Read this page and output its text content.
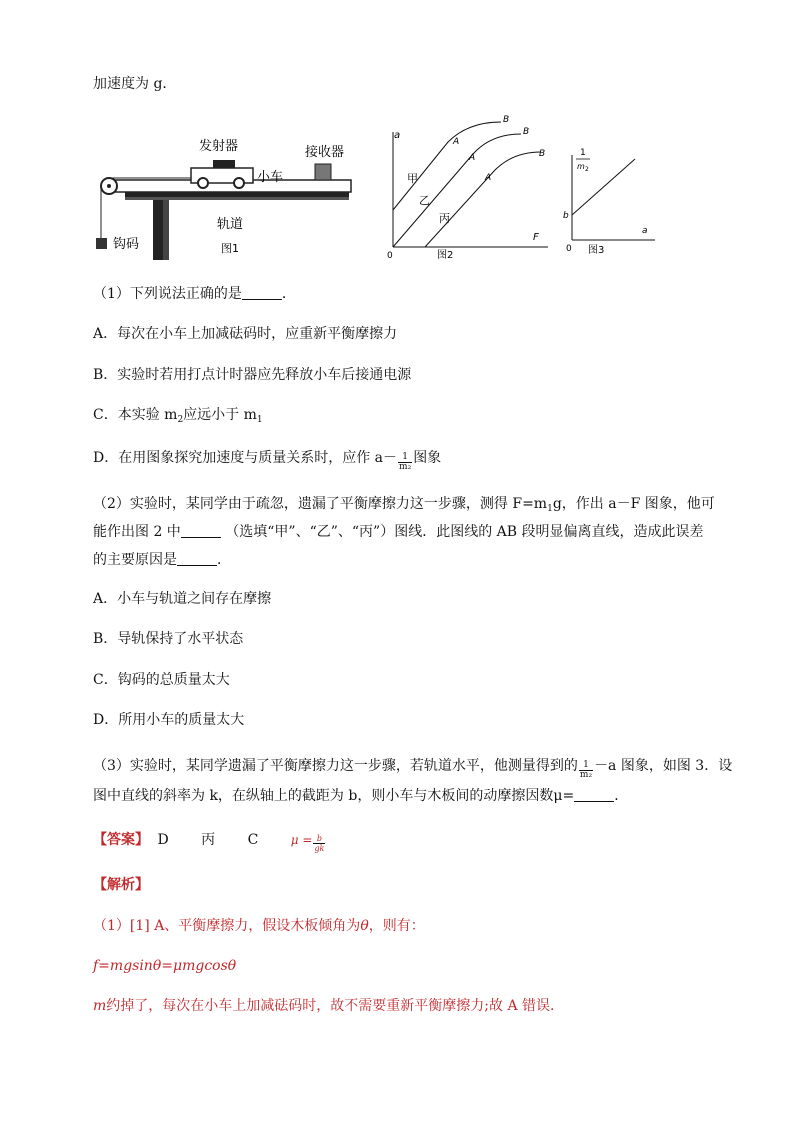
加速度为 g．
发射器	接收器
小车
轨道
钩码	图1
a
F
0
甲
乙
丙
A
A
A
B
B
B
图2
1
m 2
b
a
0 图3
（1）下列说法正确的是	．
A．每次在小车上加减砝码时，应重新平衡摩擦力
B．实验时若用打点计时器应先释放小车后接通电源
C．本实验 $m_2$应远小于 $m_1$
D．在用图象探究加速度与质量关系时，应作 $a- \frac{1}{\text{m₂}}$ 图象
（2）实验时，某同学由于疏忽，遗漏了平衡摩擦力这一步骤，测得 $F=m_1g$，作出 a－F 图象，他可
能作出图 2 中	（选填“甲”、“乙”、“丙”）图线．此图线的 AB 段明显偏离直线，造成此误差
的主要原因是	．
A．小车与轨道之间存在摩擦
B．导轨保持了水平状态
C．钩码的总质量太大
D．所用小车的质量太大
（3）实验时，某同学遗漏了平衡摩擦力这一步骤，若轨道水平，他测量得到的 $\frac{1}{\text{m₂}} -a$ 图象，如图 3．设
图中直线的斜率为 k，在纵轴上的截距为 b，则小车与木板间的动摩擦因数μ=	．
【答案】 D 丙 C	$\mu = \frac{b}{gk}$
【解析】
（1）[1] A、平衡摩擦力，假设木板倾角为θ，则有：
f=mgsinθ=μmgcosθ
m约掉了，每次在小车上加减砝码时，故不需要重新平衡摩擦力;故 A 错误.
